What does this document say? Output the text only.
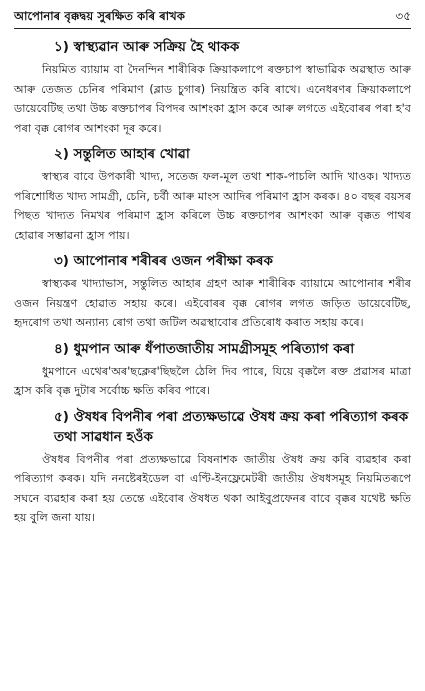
আপোনাৰ বৃক্কদ্বয় সুৰক্ষিত কৰি ৰাখক	৩৫
১) স্বাস্থ্যৱান আৰু সক্ৰিয় হৈ থাকক

নিয়মিত ব্যায়াম বা দৈনন্দিন শাৰীৰিক ক্ৰিয়াকলাপে ৰক্তচাপ স্বাভাৱিক অৱস্থাত আৰু আৰু তেজত চেনিৰ পৰিমাণ (ব্লাড চুগাৰ) নিয়ন্ত্ৰিত কৰি ৰাখে। এনেধৰণৰ ক্ৰিয়াকলাপে ডায়েবেটিছ তথা উচ্চ ৰক্তচাপৰ বিপদৰ আশংকা হ্ৰাস কৰে আৰু লগতে এইবোৰৰ পৰা হ'ব পৰা বৃক্ক ৰোগৰ আশংকা দূৰ কৰে।

২) সন্তুলিত আহাৰ খোৱা

স্বাস্থ্যৰ বাবে উপকাৰী খাদ্য, সতেজ ফল-মূল তথা শাক-পাচলি আদি খাওক। খাদ্যত পৰিশোধিত খাদ্য সামগ্ৰী, চেনি, চৰ্বী আৰু মাংস আদিৰ পৰিমাণ হ্ৰাস কৰক। ৪০ বছৰ বয়সৰ পিছত খাদ্যত নিমখৰ পৰিমাণ হ্ৰাস কৰিলে উচ্চ ৰক্তচাপৰ আশংকা আৰু বৃক্কত পাথৰ হোৱাৰ সম্ভাৱনা হ্ৰাস পায়।

৩) আপোনাৰ শৰীৰৰ ওজন পৰীক্ষা কৰক

স্বাস্থ্যকৰ খাদ্যাভাস, সন্তুলিত আহাৰ গ্ৰহণ আৰু শাৰীৰিক ব্যায়ামে আপোনাৰ শৰীৰ ওজন নিয়ন্ত্ৰণ হোৱাত সহায় কৰে। এইবোৰৰ বৃক্ক ৰোগৰ লগত জড়িত ডায়েবেটিছ, হৃদৰোগ তথা অন্যান্য ৰোগ তথা জটিল অৱস্থাবোৰ প্ৰতিৰোধ কৰাত সহায় কৰে।

৪) ধুমপান আৰু ধঁপাতজাতীয় সামগ্ৰীসমূহ পৰিত্যাগ কৰা

ধুমপানে এথেৰ'অৰ'ছক্লেৰ'ছিছলৈ ঠেলি দিব পাৰে, যিয়ে বৃক্কলৈ ৰক্ত প্ৰৱাসৰ মাত্ৰা হ্ৰাস কৰি বৃক্ক দুটাৰ সৰ্বোচ্চ ক্ষতি কৰিব পাৰে।

৫) ঔষধৰ বিপনীৰ পৰা প্ৰত্যক্ষভাৱে ঔষধ ক্ৰয় কৰা পৰিত্যাগ কৰক তথা সাৱধান হওঁক

ঔষধৰ বিপনীৰ পৰা প্ৰত্যক্ষভাৱে বিষনাশক জাতীয় ঔষধ ক্ৰয় কৰি ব্যৱহাৰ কৰা পৰিত্যাগ কৰক। যদি ননষ্টেৰইডেল বা এণ্টি-ইনফ্লেমেটৰী জাতীয় ঔষধসমূহ নিয়মিতৰূপে সঘনে ব্যৱহাৰ কৰা হয় তেন্তে এইবোৰ ঔষধত থকা আইবুপ্ৰফেনৰ বাবে বৃক্কৰ যথেষ্ট ক্ষতি হয় বুলি জনা যায়।
